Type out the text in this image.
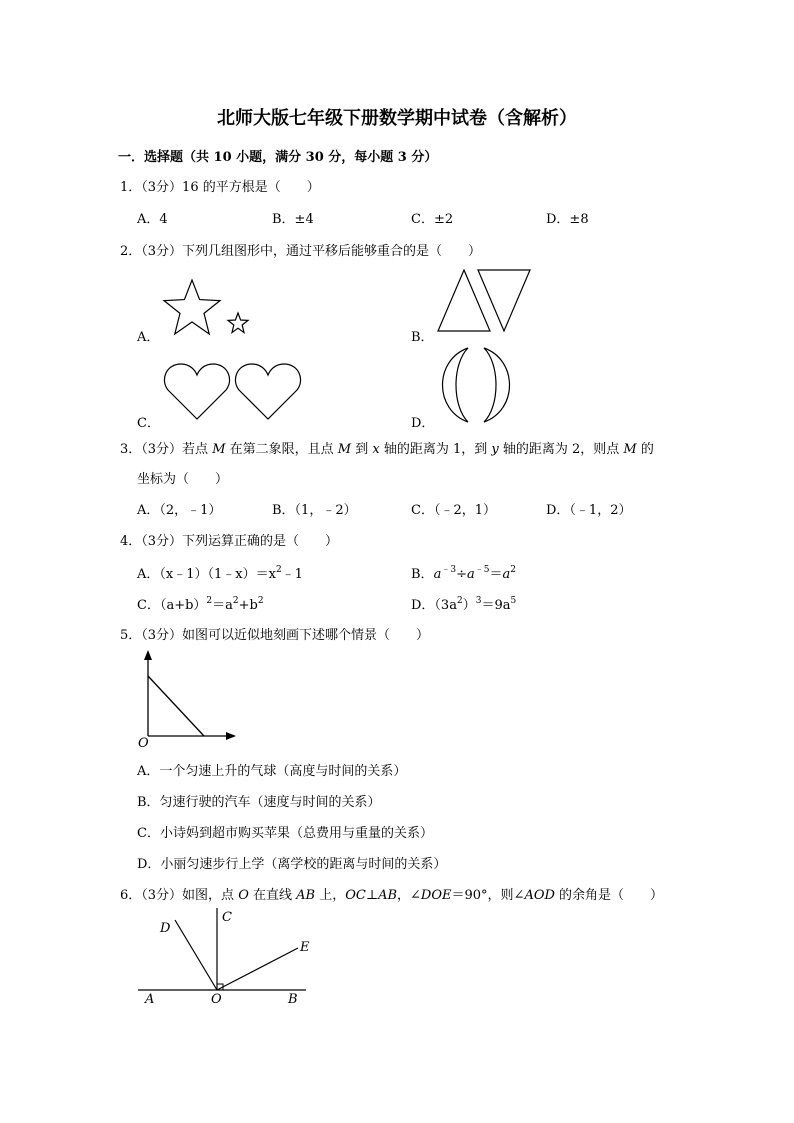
北师大版七年级下册数学期中试卷（含解析）
一．选择题（共 10 小题，满分 30 分，每小题 3 分）
1．（3分）16 的平方根是（　　）
A．4	B．±4	C．±2	D．±8
2．（3分）下列几组图形中，通过平移后能够重合的是（　　）
A．	B．
C．	D．
3．（3分）若点 M 在第二象限，且点 M 到 x 轴的距离为 1，到 y 轴的距离为 2，则点 M 的
坐标为（　　）
A．（2，﹣1）	B．（1，﹣2）	C．（﹣2，1）	D．（﹣1，2）
4．（3分）下列运算正确的是（　　）
A．$(x﹣1)(1﹣x)=x^2﹣1$	B．$a^{﹣3}\div a^{﹣5}=a^2$
C．$(a+b)^2=a^2+b^2$	D．$(3a^2)^3=9a^5$
5．（3分）如图可以近似地刻画下述哪个情景（　　）
O
A．一个匀速上升的气球（高度与时间的关系）
B．匀速行驶的汽车（速度与时间的关系）
C．小诗妈到超市购买苹果（总费用与重量的关系）
D．小丽匀速步行上学（离学校的距离与时间的关系）
6．（3分）如图，点 O 在直线 AB 上，OC⊥AB，∠DOE＝90°，则∠AOD 的余角是（　　）
C
D
E
A	O	B
